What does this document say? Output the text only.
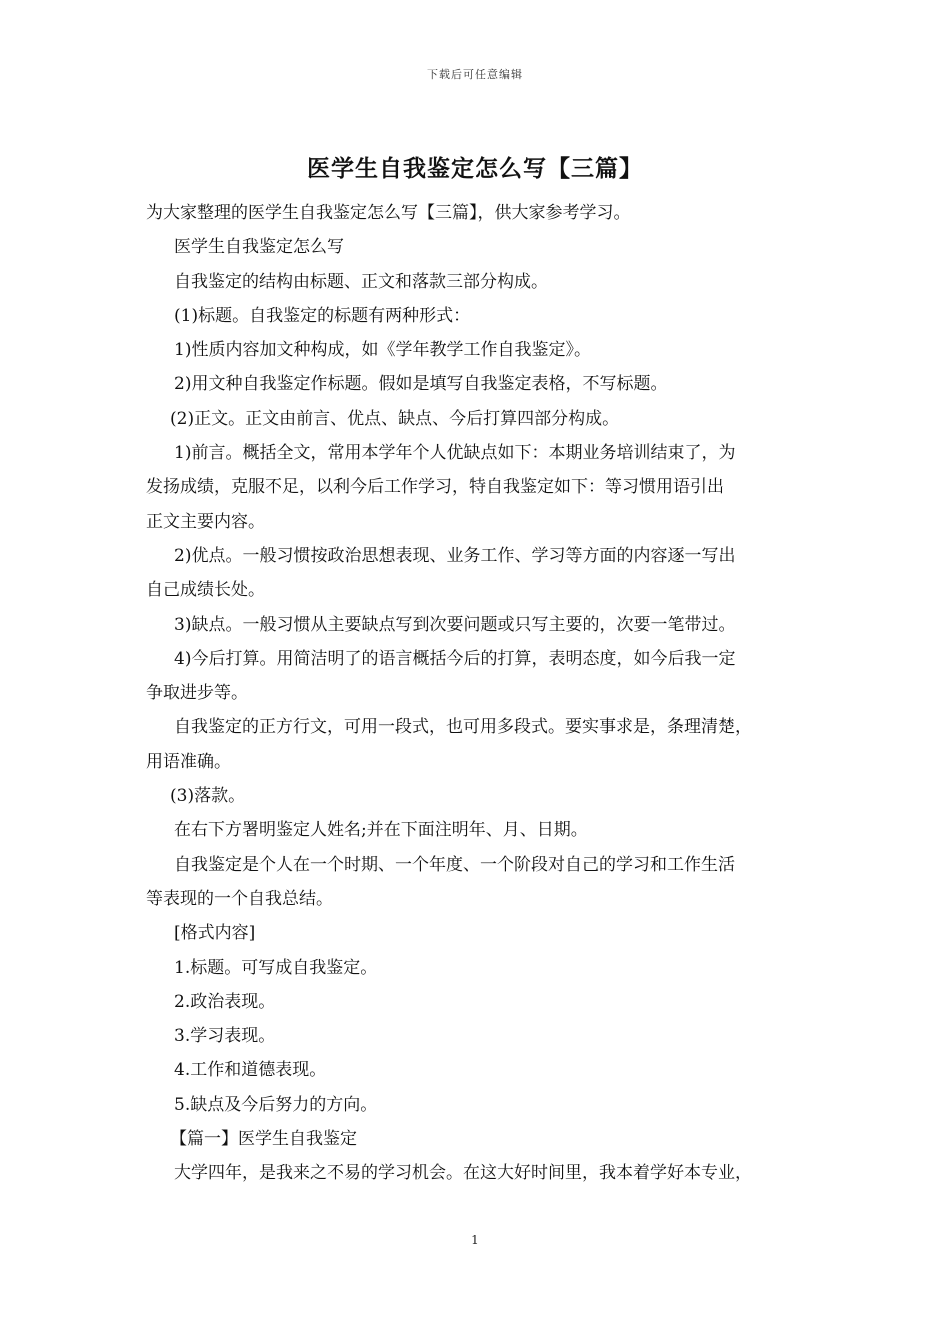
下载后可任意编辑
医学生自我鉴定怎么写【三篇】

为大家整理的医学生自我鉴定怎么写【三篇】，供大家参考学习。

医学生自我鉴定怎么写

自我鉴定的结构由标题、正文和落款三部分构成。

(1)标题。自我鉴定的标题有两种形式：

1)性质内容加文种构成，如《学年教学工作自我鉴定》。

2)用文种自我鉴定作标题。假如是填写自我鉴定表格，不写标题。

(2)正文。正文由前言、优点、缺点、今后打算四部分构成。

1)前言。概括全文，常用本学年个人优缺点如下：本期业务培训结束了，为

发扬成绩，克服不足，以利今后工作学习，特自我鉴定如下：等习惯用语引出

正文主要内容。

2)优点。一般习惯按政治思想表现、业务工作、学习等方面的内容逐一写出

自己成绩长处。

3)缺点。一般习惯从主要缺点写到次要问题或只写主要的，次要一笔带过。

4)今后打算。用简洁明了的语言概括今后的打算，表明态度，如今后我一定

争取进步等。

自我鉴定的正方行文，可用一段式，也可用多段式。要实事求是，条理清楚，

用语准确。

(3)落款。

在右下方署明鉴定人姓名;并在下面注明年、月、日期。

自我鉴定是个人在一个时期、一个年度、一个阶段对自己的学习和工作生活

等表现的一个自我总结。

[格式内容]

1.标题。可写成自我鉴定。

2.政治表现。

3.学习表现。

4.工作和道德表现。

5.缺点及今后努力的方向。

【篇一】医学生自我鉴定

大学四年，是我来之不易的学习机会。在这大好时间里，我本着学好本专业，

1
